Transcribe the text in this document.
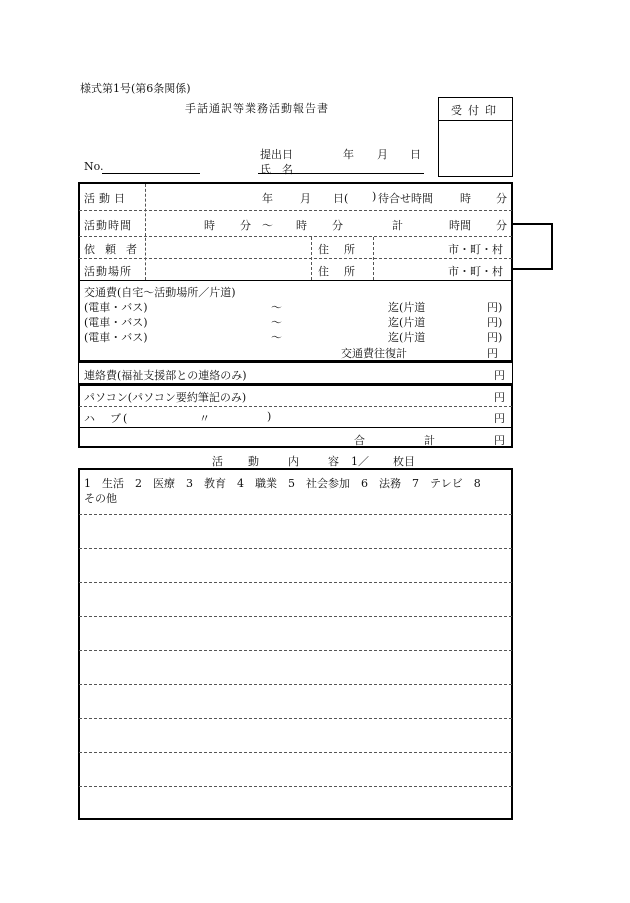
様式第1号(第6条関係)
手話通訳等業務活動報告書	受付印
No.
提出日	年 月 日
氏　名
活動日	年 月 日( ) 待合せ時間 時 分
活動時間	時 分 ～ 時 分	計	時間 分
依頼者	住　所	市・町・村
活動場所	住　所	市・町・村
交通費(自宅～活動場所／片道)
(電車・バス)	～	迄(片道	円)
(電車・バス)	～	迄(片道	円)
(電車・バス)	～	迄(片道	円)
交通費往復計	円
連絡費(福祉支援部との連絡のみ)	円
パソコン(パソコン要約筆記のみ)	円
ハ　ブ(	〃	)	円
合	計	円
活 動	内	容 1／ 枚目
1　生活　2　医療　3　教育　4　職業　5　社会参加　6　法務　7　テレビ　8
その他
